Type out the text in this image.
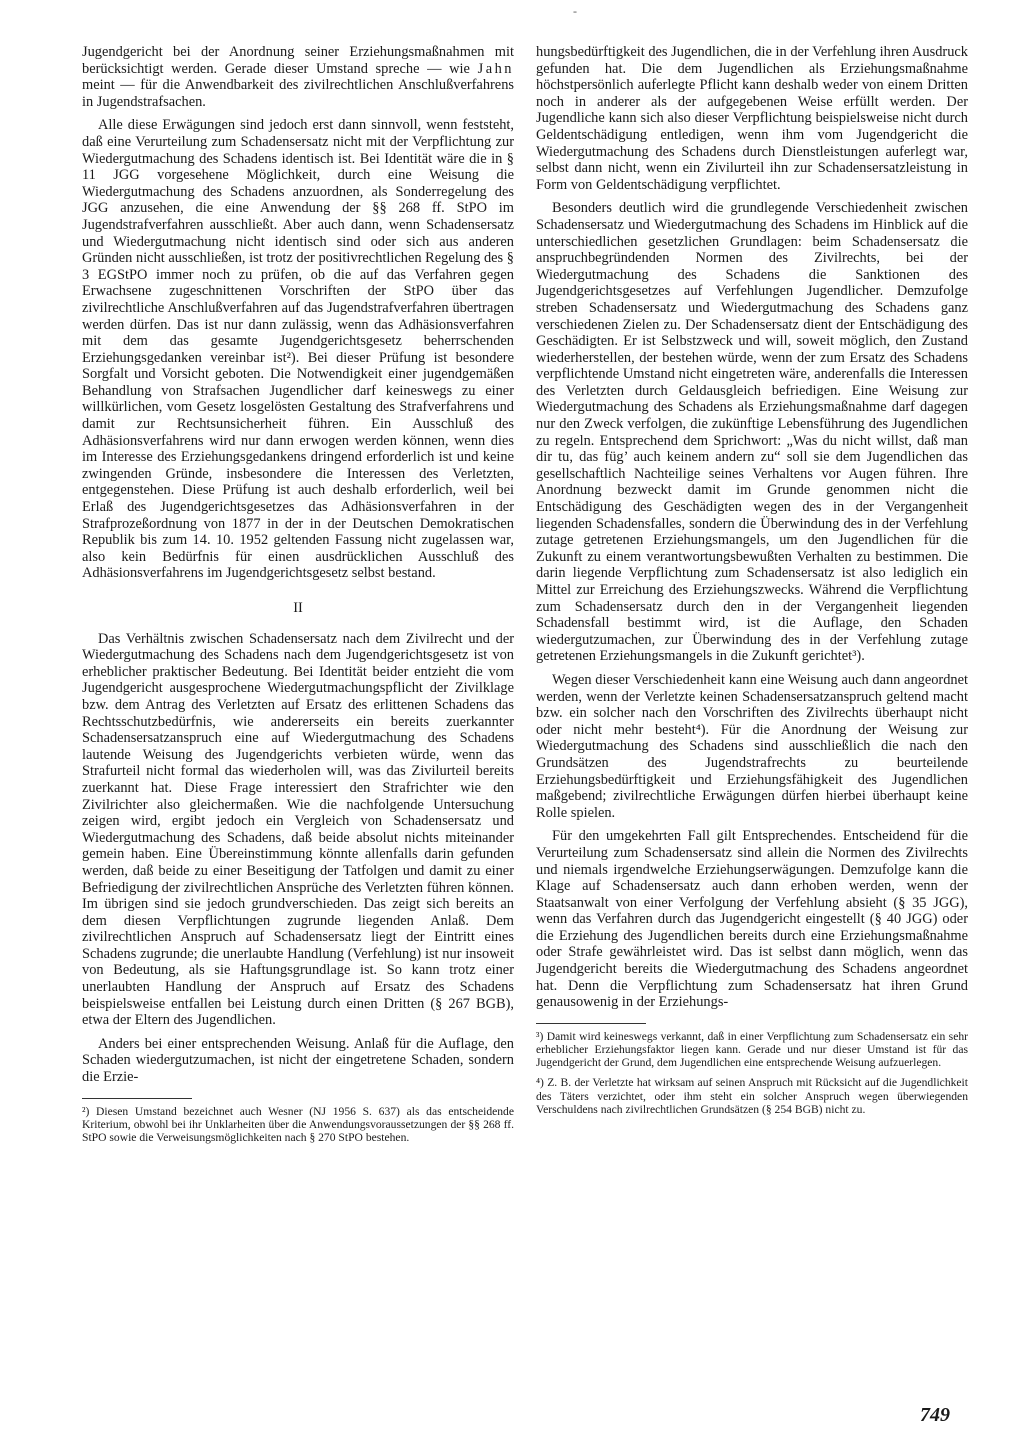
-

Jugendgericht bei der Anordnung seiner Erziehungsmaßnahmen mit berücksichtigt werden. Gerade dieser Umstand spreche — wie Jahn meint — für die Anwendbarkeit des zivilrechtlichen Anschlußverfahrens in Jugendstrafsachen.

Alle diese Erwägungen sind jedoch erst dann sinnvoll, wenn feststeht, daß eine Verurteilung zum Schadensersatz nicht mit der Verpflichtung zur Wiedergutmachung des Schadens identisch ist. Bei Identität wäre die in § 11 JGG vorgesehene Möglichkeit, durch eine Weisung die Wiedergutmachung des Schadens anzuordnen, als Sonderregelung des JGG anzusehen, die eine Anwendung der §§ 268 ff. StPO im Jugendstrafverfahren ausschließt. Aber auch dann, wenn Schadensersatz und Wiedergutmachung nicht identisch sind oder sich aus anderen Gründen nicht ausschließen, ist trotz der positivrechtlichen Regelung des § 3 EGStPO immer noch zu prüfen, ob die auf das Verfahren gegen Erwachsene zugeschnittenen Vorschriften der StPO über das zivilrechtliche Anschlußverfahren auf das Jugendstrafverfahren übertragen werden dürfen. Das ist nur dann zulässig, wenn das Adhäsionsverfahren mit dem das gesamte Jugendgerichtsgesetz beherrschenden Erziehungsgedanken vereinbar ist²). Bei dieser Prüfung ist besondere Sorgfalt und Vorsicht geboten. Die Notwendigkeit einer jugendgemäßen Behandlung von Strafsachen Jugendlicher darf keineswegs zu einer willkürlichen, vom Gesetz losgelösten Gestaltung des Strafverfahrens und damit zur Rechtsunsicherheit führen. Ein Ausschluß des Adhäsionsverfahrens wird nur dann erwogen werden können, wenn dies im Interesse des Erziehungsgedankens dringend erforderlich ist und keine zwingenden Gründe, insbesondere die Interessen des Verletzten, entgegenstehen. Diese Prüfung ist auch deshalb erforderlich, weil bei Erlaß des Jugendgerichtsgesetzes das Adhäsionsverfahren in der Strafprozeßordnung von 1877 in der in der Deutschen Demokratischen Republik bis zum 14. 10. 1952 geltenden Fassung nicht zugelassen war, also kein Bedürfnis für einen ausdrücklichen Ausschluß des Adhäsionsverfahrens im Jugendgerichtsgesetz selbst bestand.

II

Das Verhältnis zwischen Schadensersatz nach dem Zivilrecht und der Wiedergutmachung des Schadens nach dem Jugendgerichtsgesetz ist von erheblicher praktischer Bedeutung. Bei Identität beider entzieht die vom Jugendgericht ausgesprochene Wiedergutmachungspflicht der Zivilklage bzw. dem Antrag des Verletzten auf Ersatz des erlittenen Schadens das Rechtsschutzbedürfnis, wie andererseits ein bereits zuerkannter Schadensersatzanspruch eine auf Wiedergutmachung des Schadens lautende Weisung des Jugendgerichts verbieten würde, wenn das Strafurteil nicht formal das wiederholen will, was das Zivilurteil bereits zuerkannt hat. Diese Frage interessiert den Strafrichter wie den Zivilrichter also gleichermaßen. Wie die nachfolgende Untersuchung zeigen wird, ergibt jedoch ein Vergleich von Schadensersatz und Wiedergutmachung des Schadens, daß beide absolut nichts miteinander gemein haben. Eine Übereinstimmung könnte allenfalls darin gefunden werden, daß beide zu einer Beseitigung der Tatfolgen und damit zu einer Befriedigung der zivilrechtlichen Ansprüche des Verletzten führen können. Im übrigen sind sie jedoch grundverschieden. Das zeigt sich bereits an dem diesen Verpflichtungen zugrunde liegenden Anlaß. Dem zivilrechtlichen Anspruch auf Schadensersatz liegt der Eintritt eines Schadens zugrunde; die unerlaubte Handlung (Verfehlung) ist nur insoweit von Bedeutung, als sie Haftungsgrundlage ist. So kann trotz einer unerlaubten Handlung der Anspruch auf Ersatz des Schadens beispielsweise entfallen bei Leistung durch einen Dritten (§ 267 BGB), etwa der Eltern des Jugendlichen.

Anders bei einer entsprechenden Weisung. Anlaß für die Auflage, den Schaden wiedergutzumachen, ist nicht der eingetretene Schaden, sondern die Erzie-

²) Diesen Umstand bezeichnet auch Wesner (NJ 1956 S. 637) als das entscheidende Kriterium, obwohl bei ihr Unklarheiten über die Anwendungsvoraussetzungen der §§ 268 ff. StPO sowie die Verweisungsmöglichkeiten nach § 270 StPO bestehen.

hungsbedürftigkeit des Jugendlichen, die in der Verfehlung ihren Ausdruck gefunden hat. Die dem Jugendlichen als Erziehungsmaßnahme höchstpersönlich auferlegte Pflicht kann deshalb weder von einem Dritten noch in anderer als der aufgegebenen Weise erfüllt werden. Der Jugendliche kann sich also dieser Verpflichtung beispielsweise nicht durch Geldentschädigung entledigen, wenn ihm vom Jugendgericht die Wiedergutmachung des Schadens durch Dienstleistungen auferlegt war, selbst dann nicht, wenn ein Zivilurteil ihn zur Schadensersatzleistung in Form von Geldentschädigung verpflichtet.

Besonders deutlich wird die grundlegende Verschiedenheit zwischen Schadensersatz und Wiedergutmachung des Schadens im Hinblick auf die unterschiedlichen gesetzlichen Grundlagen: beim Schadensersatz die anspruchbegründenden Normen des Zivilrechts, bei der Wiedergutmachung des Schadens die Sanktionen des Jugendgerichtsgesetzes auf Verfehlungen Jugendlicher. Demzufolge streben Schadensersatz und Wiedergutmachung des Schadens ganz verschiedenen Zielen zu. Der Schadensersatz dient der Entschädigung des Geschädigten. Er ist Selbstzweck und will, soweit möglich, den Zustand wiederherstellen, der bestehen würde, wenn der zum Ersatz des Schadens verpflichtende Umstand nicht eingetreten wäre, anderenfalls die Interessen des Verletzten durch Geldausgleich befriedigen. Eine Weisung zur Wiedergutmachung des Schadens als Erziehungsmaßnahme darf dagegen nur den Zweck verfolgen, die zukünftige Lebensführung des Jugendlichen zu regeln. Entsprechend dem Sprichwort: „Was du nicht willst, daß man dir tu, das füg’ auch keinem andern zu“ soll sie dem Jugendlichen das gesellschaftlich Nachteilige seines Verhaltens vor Augen führen. Ihre Anordnung bezweckt damit im Grunde genommen nicht die Entschädigung des Geschädigten wegen des in der Vergangenheit liegenden Schadensfalles, sondern die Überwindung des in der Verfehlung zutage getretenen Erziehungsmangels, um den Jugendlichen für die Zukunft zu einem verantwortungsbewußten Verhalten zu bestimmen. Die darin liegende Verpflichtung zum Schadensersatz ist also lediglich ein Mittel zur Erreichung des Erziehungszwecks. Während die Verpflichtung zum Schadensersatz durch den in der Vergangenheit liegenden Schadensfall bestimmt wird, ist die Auflage, den Schaden wiedergutzumachen, zur Überwindung des in der Verfehlung zutage getretenen Erziehungsmangels in die Zukunft gerichtet³).

Wegen dieser Verschiedenheit kann eine Weisung auch dann angeordnet werden, wenn der Verletzte keinen Schadensersatzanspruch geltend macht bzw. ein solcher nach den Vorschriften des Zivilrechts überhaupt nicht oder nicht mehr besteht⁴). Für die Anordnung der Weisung zur Wiedergutmachung des Schadens sind ausschließlich die nach den Grundsätzen des Jugendstrafrechts zu beurteilende Erziehungsbedürftigkeit und Erziehungsfähigkeit des Jugendlichen maßgebend; zivilrechtliche Erwägungen dürfen hierbei überhaupt keine Rolle spielen.

Für den umgekehrten Fall gilt Entsprechendes. Entscheidend für die Verurteilung zum Schadensersatz sind allein die Normen des Zivilrechts und niemals irgendwelche Erziehungserwägungen. Demzufolge kann die Klage auf Schadensersatz auch dann erhoben werden, wenn der Staatsanwalt von einer Verfolgung der Verfehlung absieht (§ 35 JGG), wenn das Verfahren durch das Jugendgericht eingestellt (§ 40 JGG) oder die Erziehung des Jugendlichen bereits durch eine Erziehungsmaßnahme oder Strafe gewährleistet wird. Das ist selbst dann möglich, wenn das Jugendgericht bereits die Wiedergutmachung des Schadens angeordnet hat. Denn die Verpflichtung zum Schadensersatz hat ihren Grund genausowenig in der Erziehungs-

³) Damit wird keineswegs verkannt, daß in einer Verpflichtung zum Schadensersatz ein sehr erheblicher Erziehungsfaktor liegen kann. Gerade und nur dieser Umstand ist für das Jugendgericht der Grund, dem Jugendlichen eine entsprechende Weisung aufzuerlegen.

⁴) Z. B. der Verletzte hat wirksam auf seinen Anspruch mit Rücksicht auf die Jugendlichkeit des Täters verzichtet, oder ihm steht ein solcher Anspruch wegen überwiegenden Verschuldens nach zivilrechtlichen Grundsätzen (§ 254 BGB) nicht zu.

749
